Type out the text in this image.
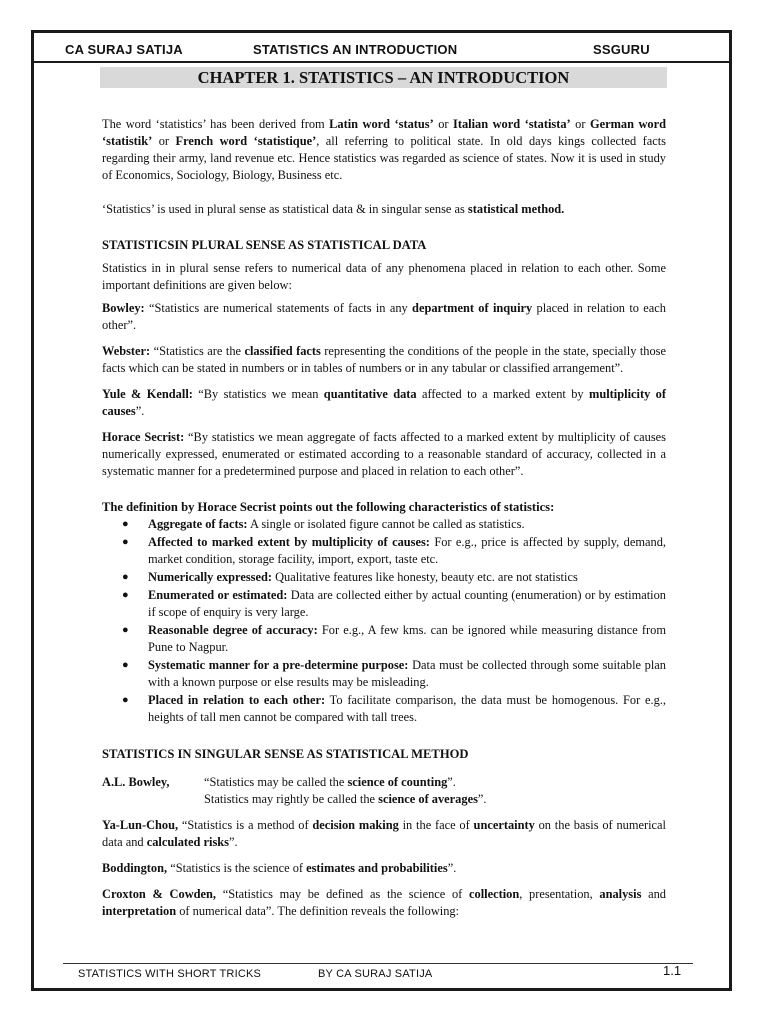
CA SURAJ SATIJA	STATISTICS AN INTRODUCTION	SSGURU
CHAPTER 1. STATISTICS – AN INTRODUCTION

The word ‘statistics’ has been derived from Latin word ‘status’ or Italian word ‘statista’ or German word ‘statistik’ or French word ‘statistique’, all referring to political state. In old days kings collected facts regarding their army, land revenue etc. Hence statistics was regarded as science of states. Now it is used in study of Economics, Sociology, Biology, Business etc.

‘Statistics’ is used in plural sense as statistical data & in singular sense as statistical method.

STATISTICSIN PLURAL SENSE AS STATISTICAL DATA

Statistics in in plural sense refers to numerical data of any phenomena placed in relation to each other. Some important definitions are given below:

Bowley: “Statistics are numerical statements of facts in any department of inquiry placed in relation to each other”.

Webster: “Statistics are the classified facts representing the conditions of the people in the state, specially those facts which can be stated in numbers or in tables of numbers or in any tabular or classified arrangement”.

Yule & Kendall: “By statistics we mean quantitative data affected to a marked extent by multiplicity of causes”.

Horace Secrist: “By statistics we mean aggregate of facts affected to a marked extent by multiplicity of causes numerically expressed, enumerated or estimated according to a reasonable standard of accuracy, collected in a systematic manner for a predetermined purpose and placed in relation to each other”.

The definition by Horace Secrist points out the following characteristics of statistics:
● Aggregate of facts: A single or isolated figure cannot be called as statistics.
● Affected to marked extent by multiplicity of causes: For e.g., price is affected by supply, demand, market condition, storage facility, import, export, taste etc.
● Numerically expressed: Qualitative features like honesty, beauty etc. are not statistics
● Enumerated or estimated: Data are collected either by actual counting (enumeration) or by estimation if scope of enquiry is very large.
● Reasonable degree of accuracy: For e.g., A few kms. can be ignored while measuring distance from Pune to Nagpur.
● Systematic manner for a pre-determine purpose: Data must be collected through some suitable plan with a known purpose or else results may be misleading.
● Placed in relation to each other: To facilitate comparison, the data must be homogenous. For e.g., heights of tall men cannot be compared with tall trees.
STATISTICS IN SINGULAR SENSE AS STATISTICAL METHOD
A.L. Bowley,	“Statistics may be called the science of counting”.
Statistics may rightly be called the science of averages”.

Ya-Lun-Chou, “Statistics is a method of decision making in the face of uncertainty on the basis of numerical data and calculated risks”.

Boddington, “Statistics is the science of estimates and probabilities”.

Croxton & Cowden, “Statistics may be defined as the science of collection, presentation, analysis and interpretation of numerical data”. The definition reveals the following:

STATISTICS WITH SHORT TRICKS	BY CA SURAJ SATIJA	1.1
